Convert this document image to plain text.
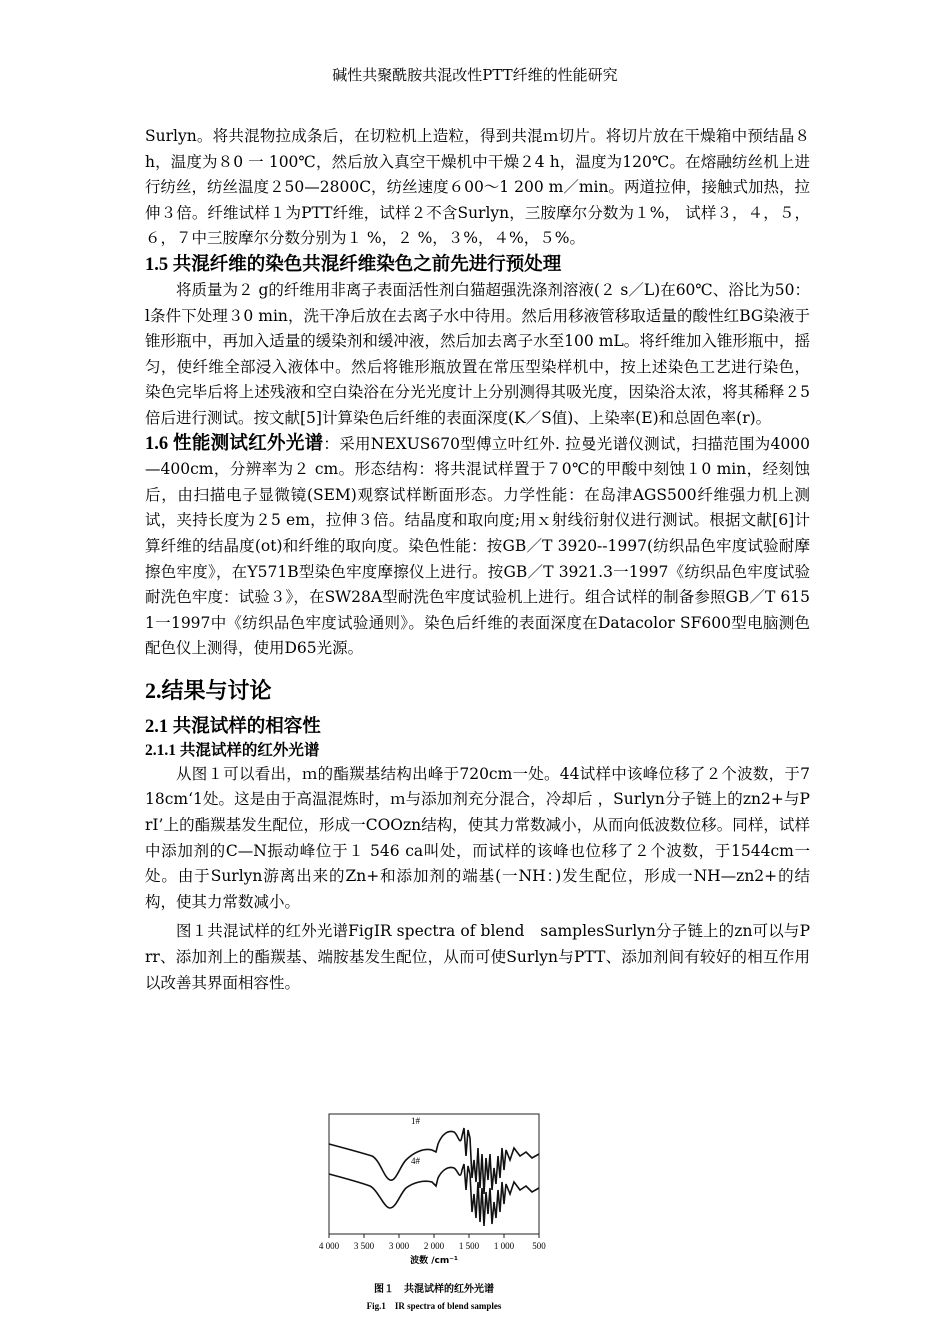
碱性共聚酰胺共混改性PTT纤维的性能研究

Surlyn。将共混物拉成条后，在切粒机上造粒，得到共混ｍ切片。将切片放在干燥箱中预结晶８ h，温度为８0 一 100℃，然后放入真空干燥机中干燥２4 h，温度为120℃。在熔融纺丝机上进行纺丝，纺丝温度２50—2800C，纺丝速度６00～1 200 m／min。两道拉伸，接触式加热，拉伸３倍。纤维试样１为PTT纤维，试样２不含Surlyn，三胺摩尔分数为１%， 试样３，４，５，６，７中三胺摩尔分数分别为１ %，２ %，３%，４%，５%。

1.5 共混纤维的染色共混纤维染色之前先进行预处理

将质量为２ g的纤维用非离子表面活性剂白猫超强洗涤剂溶液(２ s／L)在60℃、浴比为50：l条件下处理３0 min，洗干净后放在去离子水中待用。然后用移液管移取适量的酸性红BG染液于锥形瓶中，再加入适量的缓染剂和缓冲液，然后加去离子水至100 mL。将纤维加入锥形瓶中，摇匀，使纤维全部浸入液体中。然后将锥形瓶放置在常压型染样机中，按上述染色工艺进行染色，染色完毕后将上述残液和空白染浴在分光光度计上分别测得其吸光度，因染浴太浓，将其稀释２5倍后进行测试。按文献[5]计算染色后纤维的表面深度(K／S值)、上染率(E)和总固色率(r)。

1.6 性能测试红外光谱：采用NEXUS670型傅立叶红外. 拉曼光谱仪测试，扫描范围为4000—400cm，分辨率为２ cm。形态结构：将共混试样置于７0℃的甲酸中刻蚀１0 min，经刻蚀后，由扫描电子显微镜(SEM)观察试样断面形态。力学性能：在岛津AGS500纤维强力机上测试，夹持长度为２5 em，拉伸３倍。结晶度和取向度;用ｘ射线衍射仪进行测试。根据文献[6]计算纤维的结晶度(ot)和纤维的取向度。染色性能：按GB／T 3920--1997(纺织品色牢度试验耐摩擦色牢度》，在Y571B型染色牢度摩擦仪上进行。按GB／T 3921.3一1997《纺织品色牢度试验耐洗色牢度：试验３》，在SW28A型耐洗色牢度试验机上进行。组合试样的制备参照GB／T 6151一1997中《纺织品色牢度试验通则》。染色后纤维的表面深度在Datacolor SF600型电脑测色配色仪上测得，使用D65光源。

2.结果与讨论
2.1 共混试样的相容性
2.1.1 共混试样的红外光谱

从图１可以看出，ｍ的酯羰基结构出峰于720cm一处。44试样中该峰位移了２个波数，于718cm‘1处。这是由于高温混炼时，ｍ与添加剂充分混合，冷却后 ，Surlyn分子链上的zn2+与PrI’上的酯羰基发生配位，形成一COOzn结构，使其力常数减小，从而向低波数位移。同样，试样中添加剂的C—N振动峰位于１ 546 ca叫处，而试样的该峰也位移了２个波数，于1544cm一处。由于Surlyn游离出来的Zn+和添加剂的端基(一NH：)发生配位，形成一NH—zn2+的结构，使其力常数减小。

图１共混试样的红外光谱FigIR spectra of blend　samplesSurlyn分子链上的zn可以与Prr、添加剂上的酯羰基、端胺基发生配位，从而可使Surlyn与PTT、添加剂间有较好的相互作用以改善其界面相容性。

1#
4#
4 000 3 500 3 000 2 000 1 500 1 000 500
波数 /cm⁻¹
图１　共混试样的红外光谱
Fig.1　IR spectra of blend samples
